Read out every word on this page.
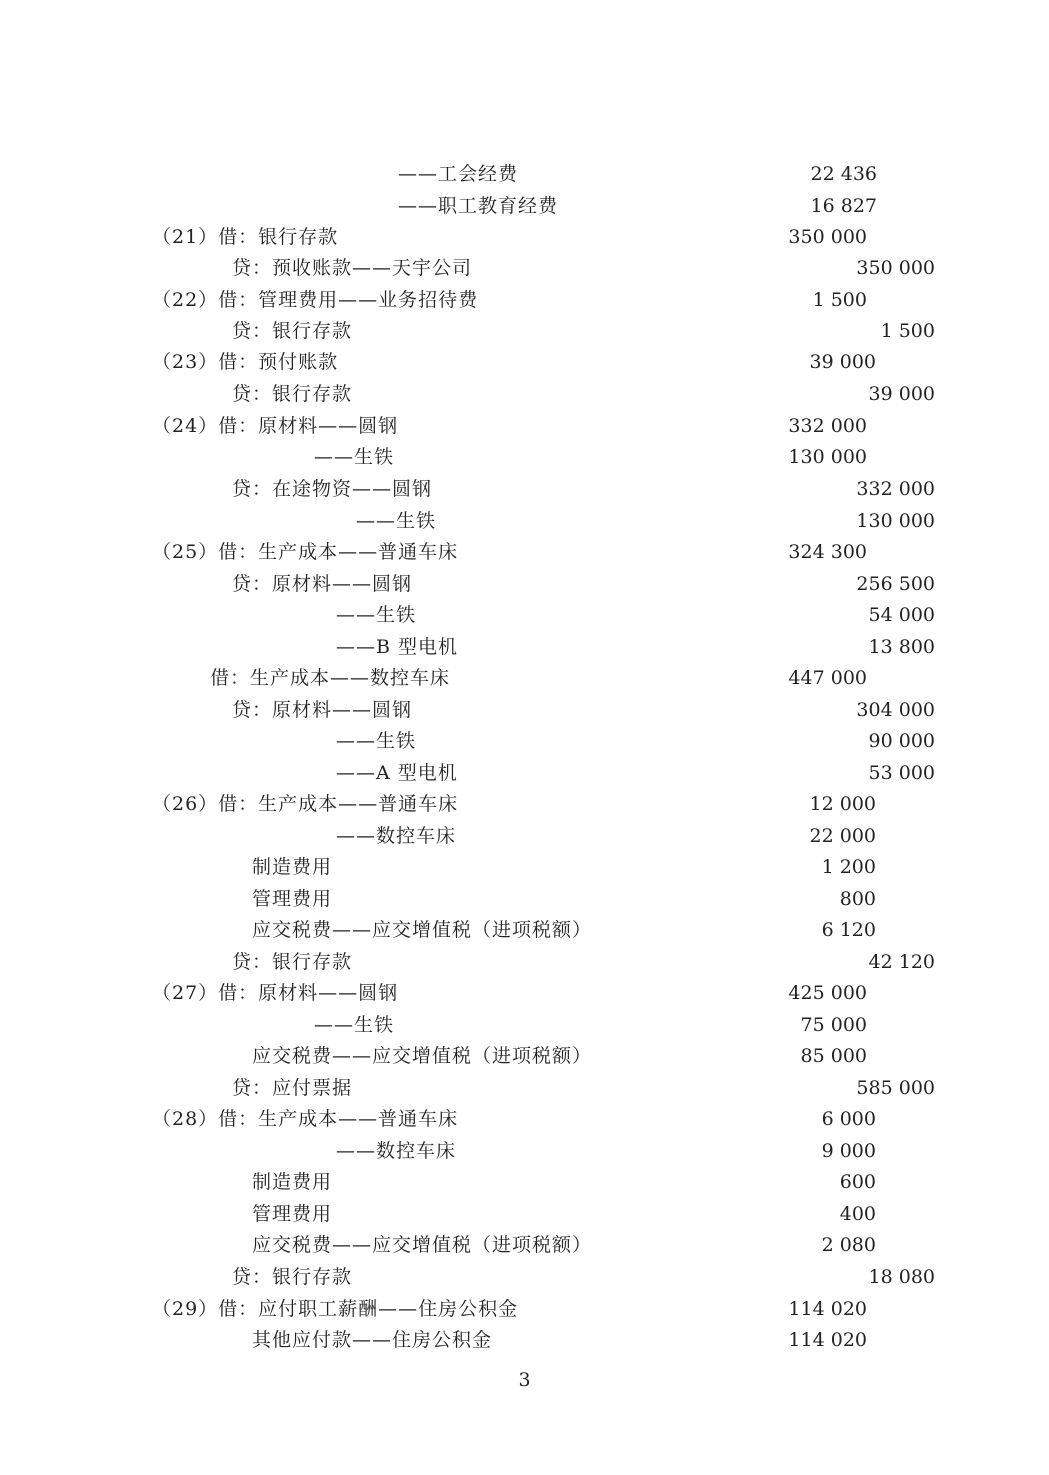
——工会经费	22 436
——职工教育经费	16 827
（21）借：银行存款	350 000
贷：预收账款——天宇公司	350 000
（22）借：管理费用——业务招待费	1 500
贷：银行存款	1 500
（23）借：预付账款	39 000
贷：银行存款	39 000
（24）借：原材料——圆钢	332 000
——生铁	130 000
贷：在途物资——圆钢	332 000
——生铁	130 000
（25）借：生产成本——普通车床	324 300
贷：原材料——圆钢	256 500
——生铁	54 000
——B 型电机	13 800
借：生产成本——数控车床	447 000
贷：原材料——圆钢	304 000
——生铁	90 000
——A 型电机	53 000
（26）借：生产成本——普通车床	12 000
——数控车床	22 000
制造费用	1 200
管理费用	800
应交税费——应交增值税（进项税额）	6 120
贷：银行存款	42 120
（27）借：原材料——圆钢	425 000
——生铁	75 000
应交税费——应交增值税（进项税额）	85 000
贷：应付票据	585 000
（28）借：生产成本——普通车床	6 000
——数控车床	9 000
制造费用	600
管理费用	400
应交税费——应交增值税（进项税额）	2 080
贷：银行存款	18 080
（29）借：应付职工薪酬——住房公积金	114 020
其他应付款——住房公积金	114 020
3
